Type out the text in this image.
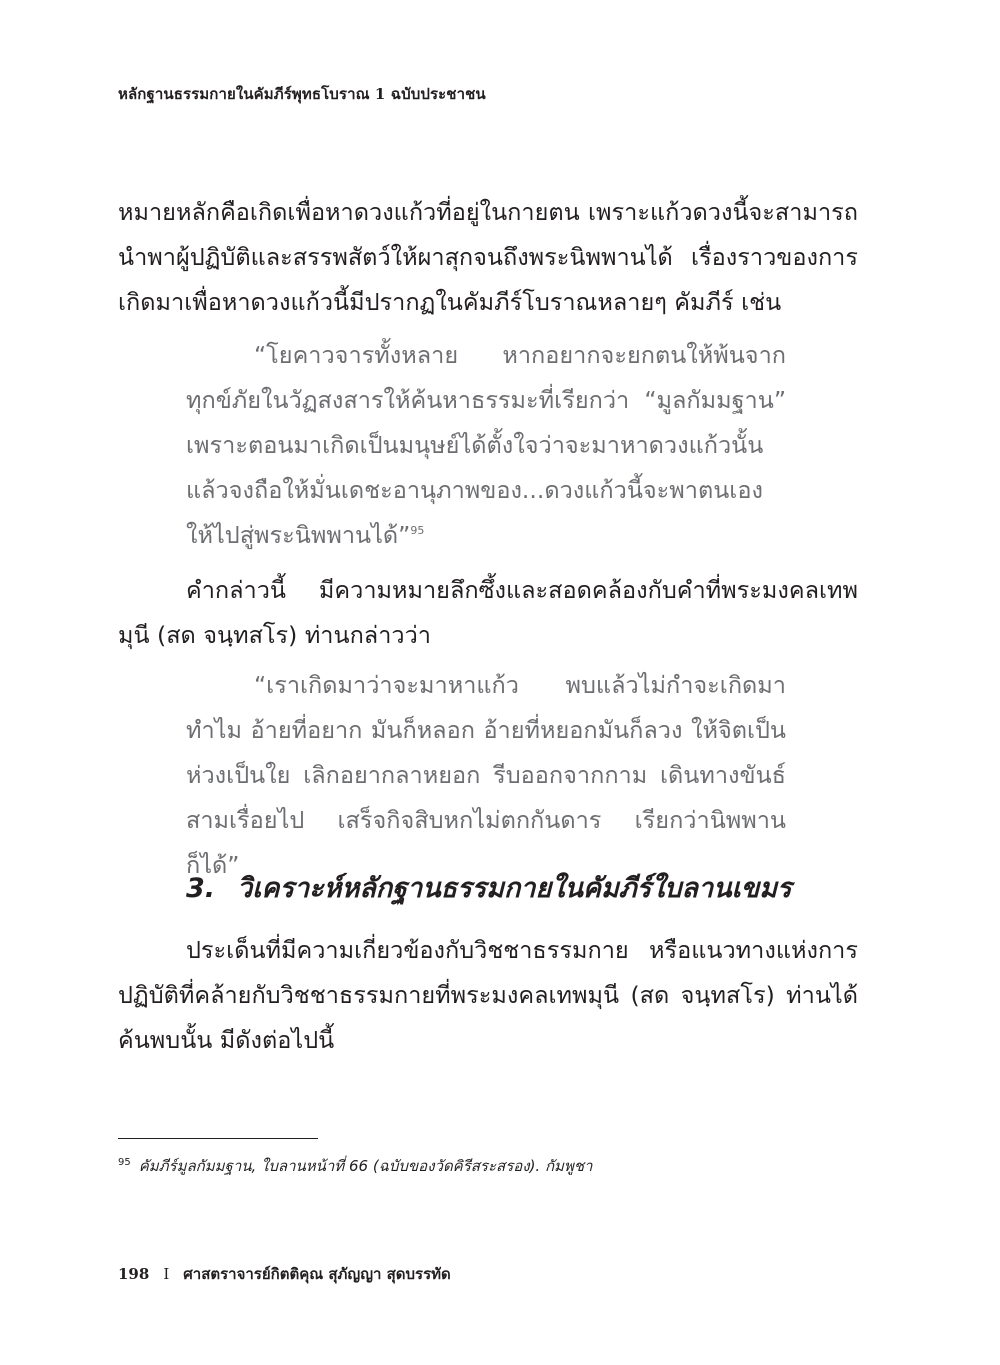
หลักฐานธรรมกายในคัมภีร์พุทธโบราณ 1 ฉบับประชาชน

หมายหลักคือเกิดเพื่อหาดวงแก้วที่อยู่ในกายตน เพราะแก้วดวงนี้จะสามารถนำพาผู้ปฏิบัติและสรรพสัตว์ให้ผาสุกจนถึงพระนิพพานได้ เรื่องราวของการเกิดมาเพื่อหาดวงแก้วนี้มีปรากฏในคัมภีร์โบราณหลายๆ คัมภีร์ เช่น

“โยคาวจารทั้งหลาย หากอยากจะยกตนให้พ้นจากทุกข์ภัยในวัฏสงสารให้ค้นหาธรรมะที่เรียกว่า “มูลกัมมฐาน” เพราะตอนมาเกิดเป็นมนุษย์ได้ตั้งใจว่าจะมาหาดวงแก้วนั้นแล้วจงถือให้มั่นเดชะอานุภาพของ...ดวงแก้วนี้จะพาตนเองให้ไปสู่พระนิพพานได้”$^{95}$

คำกล่าวนี้ มีความหมายลึกซึ้งและสอดคล้องกับคำที่พระมงคลเทพมุนี (สด จนฺทสโร) ท่านกล่าวว่า

“เราเกิดมาว่าจะมาหาแก้ว พบแล้วไม่กำจะเกิดมาทำไม อ้ายที่อยาก มันก็หลอก อ้ายที่หยอกมันก็ลวง ให้จิตเป็นห่วงเป็นใย เลิกอยากลาหยอก รีบออกจากกาม เดินทางขันธ์สามเรื่อยไป เสร็จกิจสิบหกไม่ตกกันดาร เรียกว่านิพพานก็ได้”

3. วิเคราะห์หลักฐานธรรมกายในคัมภีร์ใบลานเขมร

ประเด็นที่มีความเกี่ยวข้องกับวิชชาธรรมกาย หรือแนวทางแห่งการปฏิบัติที่คล้ายกับวิชชาธรรมกายที่พระมงคลเทพมุนี (สด จนฺทสโร) ท่านได้ค้นพบนั้น มีดังต่อไปนี้

$^{95}$ คัมภีร์มูลกัมมฐาน, ใบลานหน้าที่ 66 (ฉบับของวัดคิรีสระสรอง). กัมพูชา
198 I ศาสตราจารย์กิตติคุณ สุภัญญา สุดบรรทัด
